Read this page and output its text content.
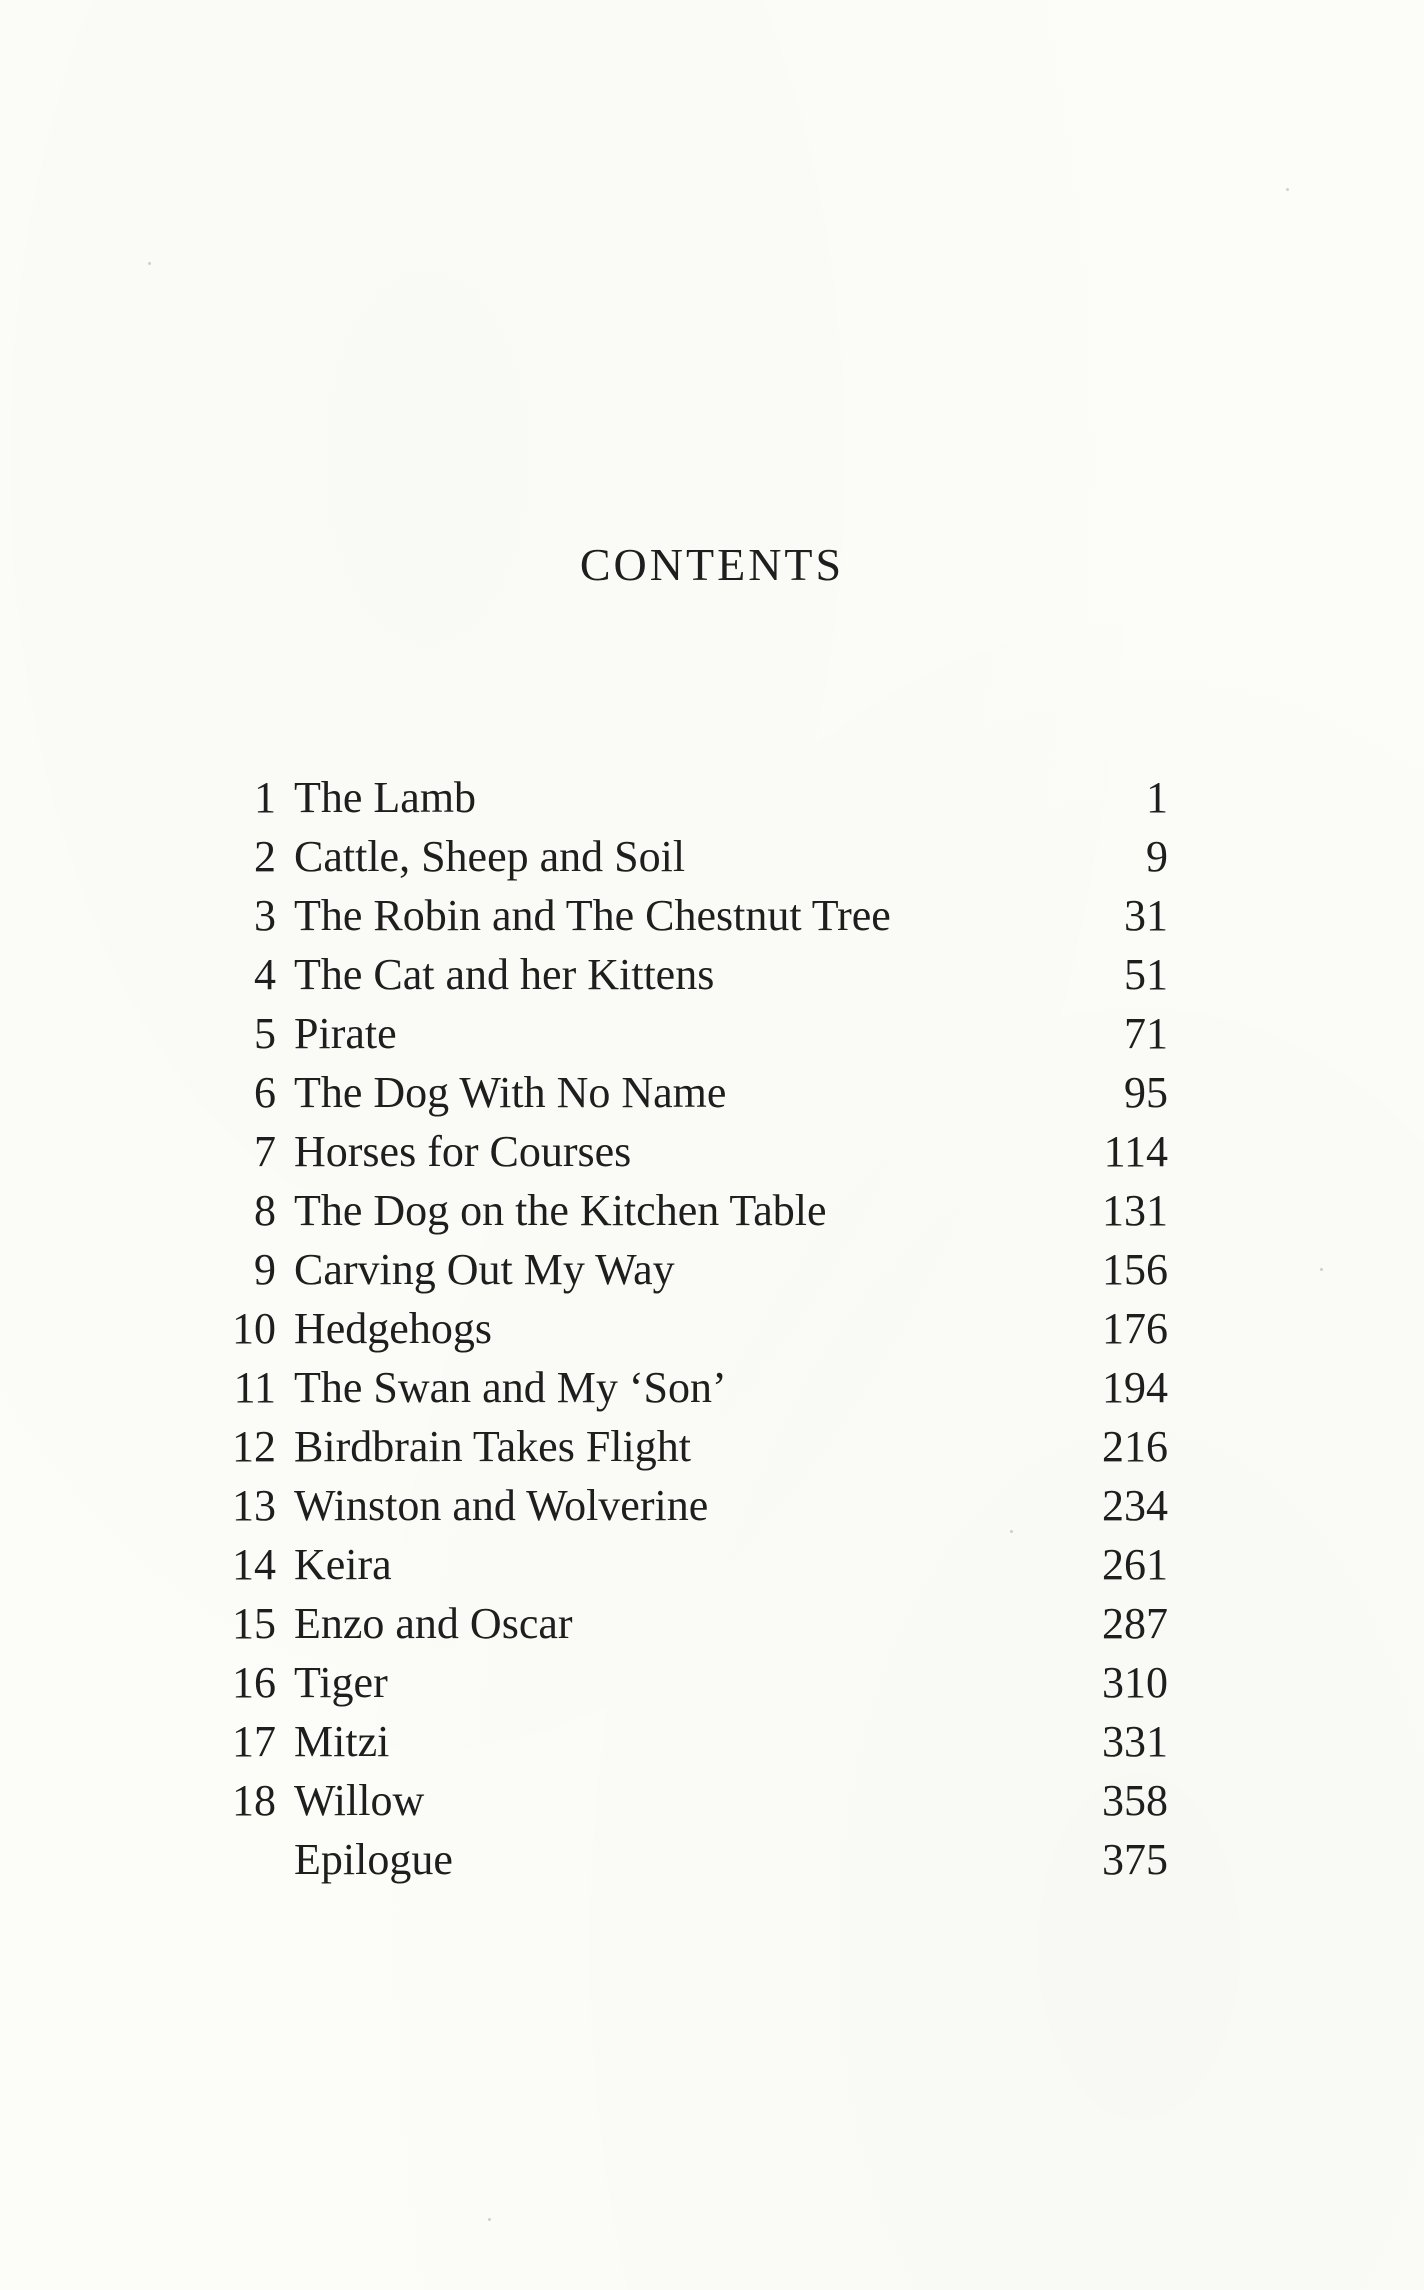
CONTENTS
1 The Lamb	1
2 Cattle, Sheep and Soil	9
3 The Robin and The Chestnut Tree	31
4 The Cat and her Kittens	51
5 Pirate	71
6 The Dog With No Name	95
7 Horses for Courses	114
8 The Dog on the Kitchen Table	131
9 Carving Out My Way	156
10 Hedgehogs	176
11 The Swan and My ‘Son’	194
12 Birdbrain Takes Flight	216
13 Winston and Wolverine	234
14 Keira	261
15 Enzo and Oscar	287
16 Tiger	310
17 Mitzi	331
18 Willow	358
Epilogue	375
